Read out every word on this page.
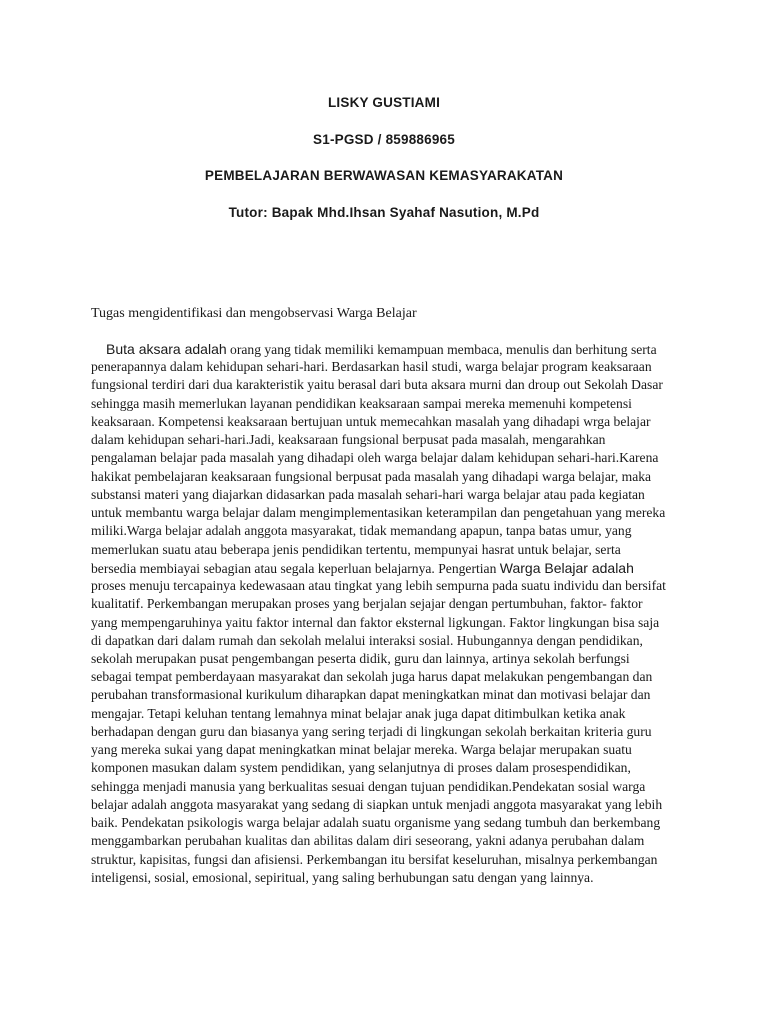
LISKY GUSTIAMI
S1-PGSD / 859886965
PEMBELAJARAN BERWAWASAN KEMASYARAKATAN
Tutor: Bapak Mhd.Ihsan Syahaf Nasution, M.Pd
Tugas mengidentifikasi dan mengobservasi Warga Belajar
Buta aksara adalah orang yang tidak memiliki kemampuan membaca, menulis dan berhitung serta
penerapannya dalam kehidupan sehari-hari. Berdasarkan hasil studi, warga belajar program keaksaraan
fungsional terdiri dari dua karakteristik yaitu berasal dari buta aksara murni dan droup out Sekolah Dasar
sehingga masih memerlukan layanan pendidikan keaksaraan sampai mereka memenuhi kompetensi
keaksaraan. Kompetensi keaksaraan bertujuan untuk memecahkan masalah yang dihadapi wrga belajar
dalam kehidupan sehari-hari.Jadi, keaksaraan fungsional berpusat pada masalah, mengarahkan
pengalaman belajar pada masalah yang dihadapi oleh warga belajar dalam kehidupan sehari-hari.Karena
hakikat pembelajaran keaksaraan fungsional berpusat pada masalah yang dihadapi warga belajar, maka
substansi materi yang diajarkan didasarkan pada masalah sehari-hari warga belajar atau pada kegiatan
untuk membantu warga belajar dalam mengimplementasikan keterampilan dan pengetahuan yang mereka
miliki.Warga belajar adalah anggota masyarakat, tidak memandang apapun, tanpa batas umur, yang
memerlukan suatu atau beberapa jenis pendidikan tertentu, mempunyai hasrat untuk belajar, serta
bersedia membiayai sebagian atau segala keperluan belajarnya. Pengertian Warga Belajar adalah
proses menuju tercapainya kedewasaan atau tingkat yang lebih sempurna pada suatu individu dan bersifat
kualitatif. Perkembangan merupakan proses yang berjalan sejajar dengan pertumbuhan, faktor- faktor
yang mempengaruhinya yaitu faktor internal dan faktor eksternal ligkungan. Faktor lingkungan bisa saja
di dapatkan dari dalam rumah dan sekolah melalui interaksi sosial. Hubungannya dengan pendidikan,
sekolah merupakan pusat pengembangan peserta didik, guru dan lainnya, artinya sekolah berfungsi
sebagai tempat pemberdayaan masyarakat dan sekolah juga harus dapat melakukan pengembangan dan
perubahan transformasional kurikulum diharapkan dapat meningkatkan minat dan motivasi belajar dan
mengajar. Tetapi keluhan tentang lemahnya minat belajar anak juga dapat ditimbulkan ketika anak
berhadapan dengan guru dan biasanya yang sering terjadi di lingkungan sekolah berkaitan kriteria guru
yang mereka sukai yang dapat meningkatkan minat belajar mereka. Warga belajar merupakan suatu
komponen masukan dalam system pendidikan, yang selanjutnya di proses dalam prosespendidikan,
sehingga menjadi manusia yang berkualitas sesuai dengan tujuan pendidikan.Pendekatan sosial warga
belajar adalah anggota masyarakat yang sedang di siapkan untuk menjadi anggota masyarakat yang lebih
baik. Pendekatan psikologis warga belajar adalah suatu organisme yang sedang tumbuh dan berkembang
menggambarkan perubahan kualitas dan abilitas dalam diri seseorang, yakni adanya perubahan dalam
struktur, kapisitas, fungsi dan afisiensi. Perkembangan itu bersifat keseluruhan, misalnya perkembangan
inteligensi, sosial, emosional, sepiritual, yang saling berhubungan satu dengan yang lainnya.
